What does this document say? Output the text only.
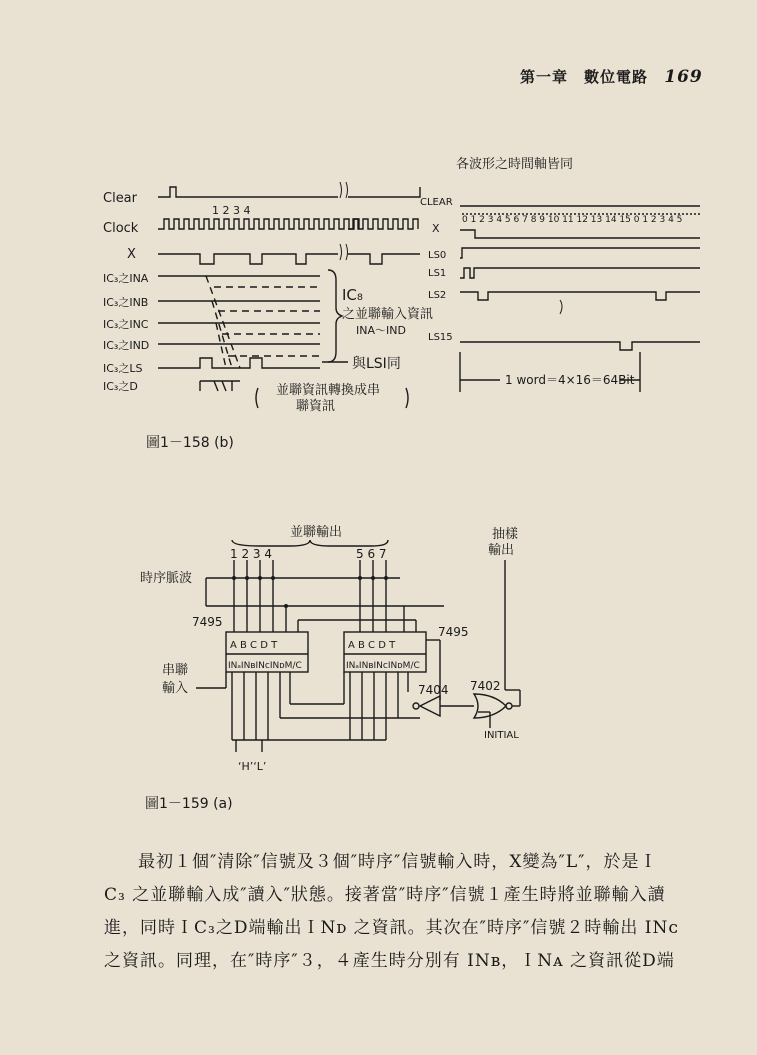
第一章　數位電路 169
Clear
Clock
X
IC₃之INA
IC₃之INB
IC₃之INC
IC₃之IND
IC₃之LS
IC₃之D
1 2 3 4
IC₈
之並聯輸入資訊
INA～IND
與LSI同
並聯資訊轉換成串
聯資訊
各波形之時間軸皆同
CLEAR
X
LS0
LS1
LS2
LS15
0 1 2 3 4 5 6 7 8 9 10 11 12 13 14 15 0 1 2 3 4 5
1 word＝4×16＝64Bit
並聯輸出	抽樣
輸出
1 2 3 4	5 6 7
時序脈波
串聯
輸入
7495
7495
A B C D T	A B C D T
INₐINʙINᴄINᴅM/C	INₐINʙINᴄINᴅM/C
7404 7402
INITIAL
‘H’‘L’
圖1－158 (b)
圖1－159 (a)

最初１個″清除″信號及３個″時序″信號輸入時，X變為″L″，於是Ｉ

C₃ 之並聯輸入成″讀入″狀態。接著當″時序″信號１產生時將並聯輸入讀

進，同時ＩC₃之D端輸出ＩNᴅ 之資訊。其次在″時序″信號２時輸出 INᴄ

之資訊。同理，在″時序″３，４產生時分別有 INʙ，ＩNᴀ 之資訊從D端
